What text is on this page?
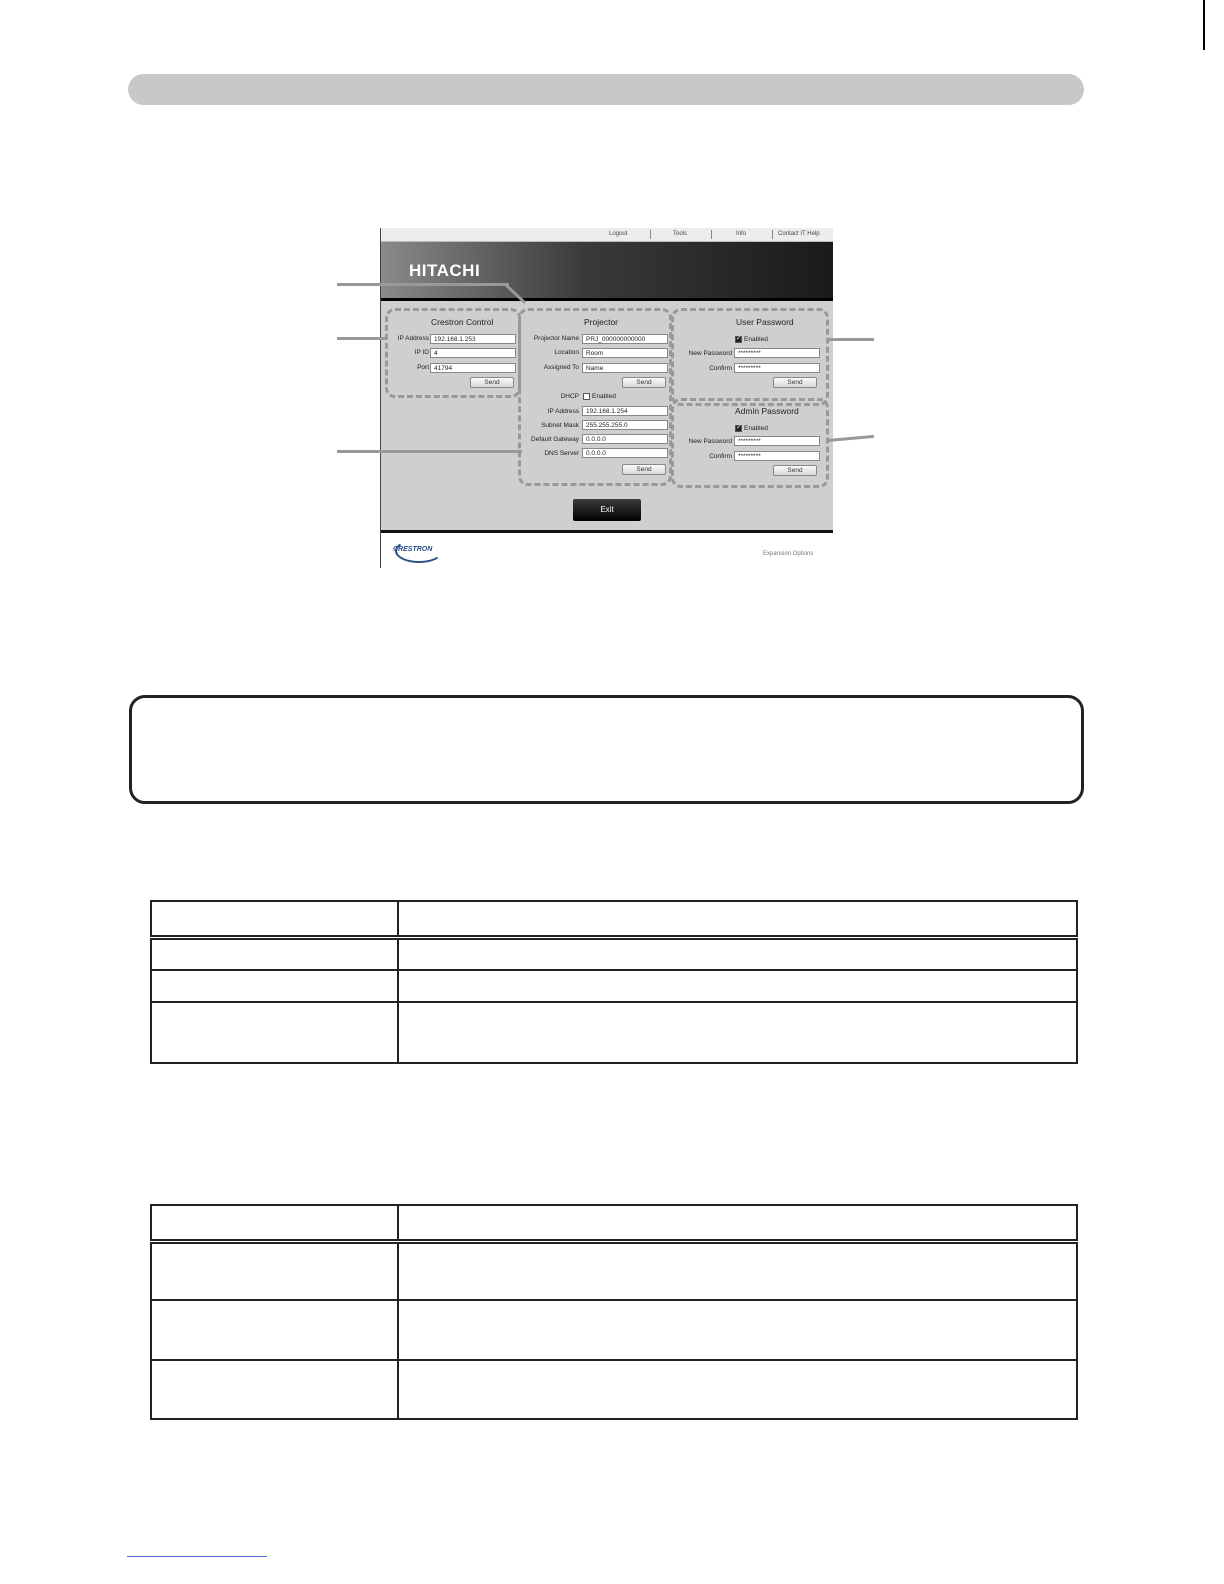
Logout	Tools	Info	Contact IT Help
HITACHI
Crestron Control
IP Address 192.168.1.253
IP ID 4
Port 41794
Send
Projector
Projector Name	PRJ_000000000000
Location	Room
Assigned To	Name
Send
DHCP Enabled
IP Address	192.168.1.254
Subnet Mask	255.255.255.0
Default Gateway	0.0.0.0
DNS Server	0.0.0.0
Send
User Password
✓ Enabled
New Password *********
Confirm *********
Send
Admin Password
✓ Enabled
New Password *********
Confirm *********
Send
Exit
CRESTRON
Expansion Options
